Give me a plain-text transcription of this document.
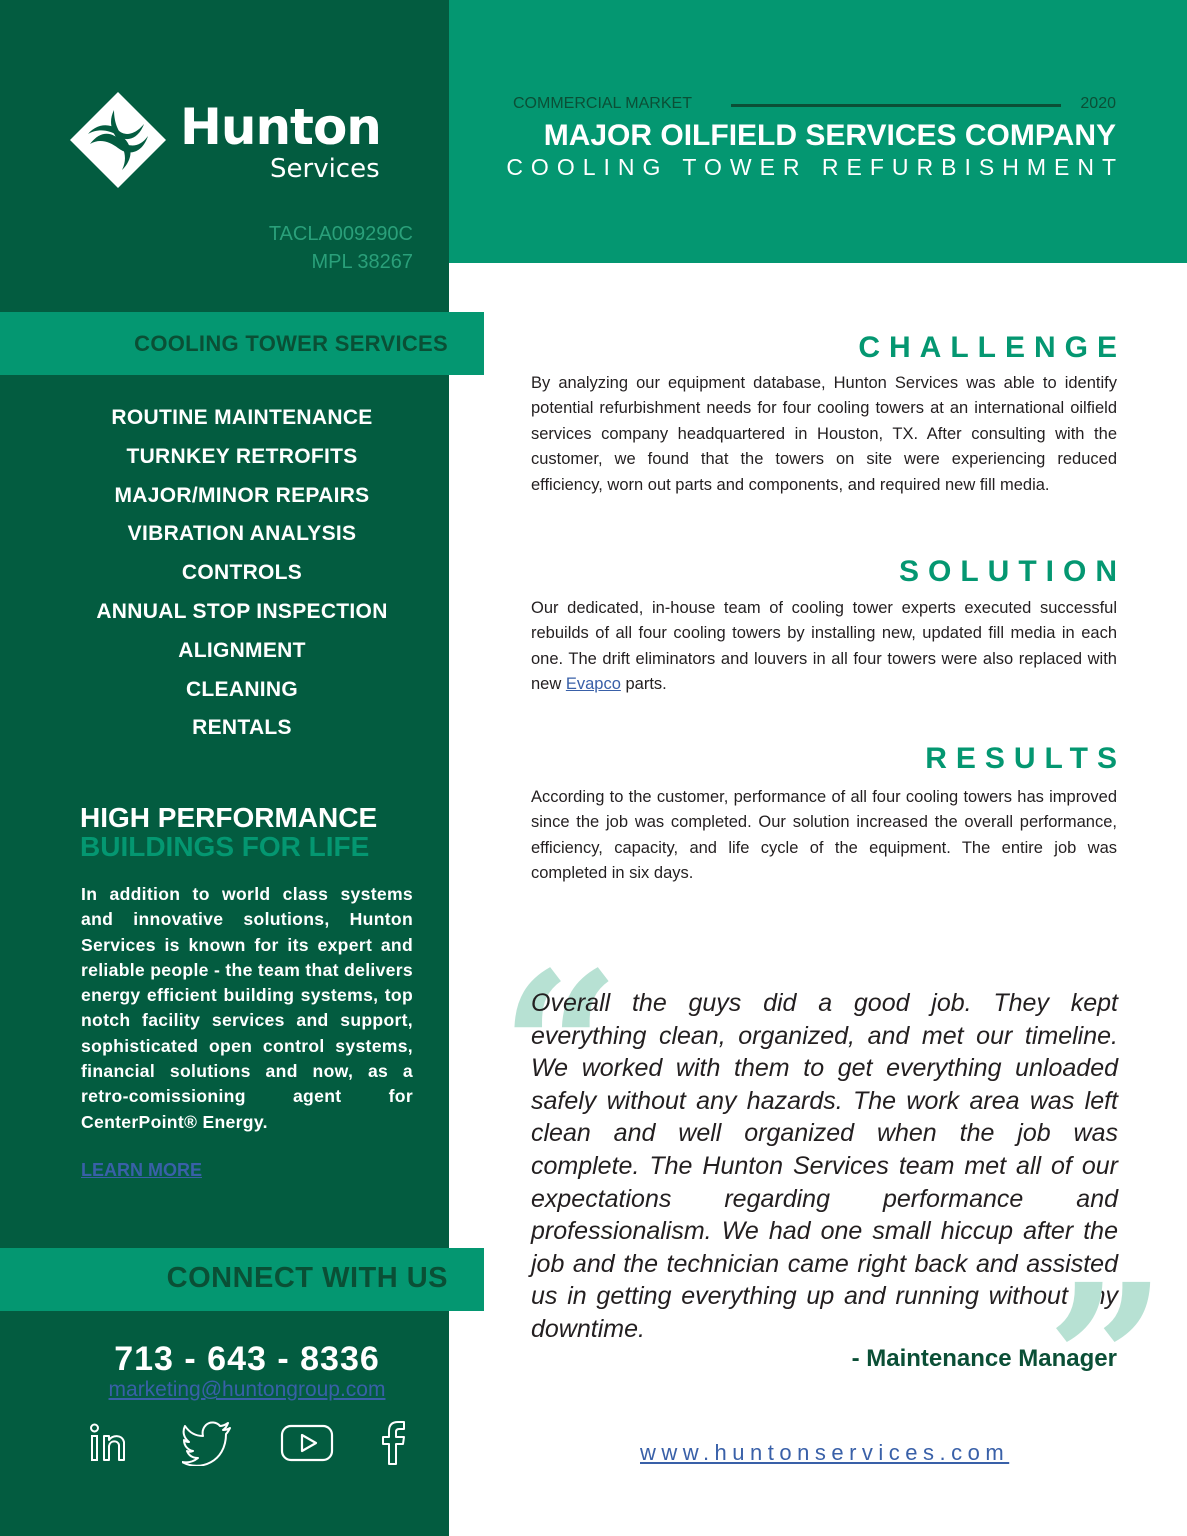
Hunton
Services
TACLA009290C
MPL 38267
COOLING TOWER SERVICES
ROUTINE MAINTENANCE
TURNKEY RETROFITS
MAJOR/MINOR REPAIRS
VIBRATION ANALYSIS
CONTROLS
ANNUAL STOP INSPECTION
ALIGNMENT
CLEANING
RENTALS
HIGH PERFORMANCE
BUILDINGS FOR LIFE

In addition to world class systems and innovative solutions, Hunton Services is known for its expert and reliable people - the team that delivers energy efficient building systems, top notch facility services and support, sophisticated open control systems, financial solutions and now, as a retro-comissioning agent for CenterPoint® Energy.

LEARN MORE
CONNECT WITH US
713 - 643 - 8336
marketing@huntongroup.com
COMMERCIAL MARKET	2020
MAJOR OILFIELD SERVICES COMPANY
COOLING TOWER REFURBISHMENT
CHALLENGE

By analyzing our equipment database, Hunton Services was able to identify potential refurbishment needs for four cooling towers at an international oilfield services company headquartered in Houston, TX. After consulting with the customer, we found that the towers on site were experiencing reduced efficiency, worn out parts and components, and required new fill media.

SOLUTION

Our dedicated, in-house team of cooling tower experts executed successful rebuilds of all four cooling towers by installing new, updated fill media in each one. The drift eliminators and louvers in all four towers were also replaced with new Evapco parts.

RESULTS

According to the customer, performance of all four cooling towers has improved since the job was completed. Our solution increased the overall performance, efficiency, capacity, and life cycle of the equipment. The entire job was completed in six days.

“

Overall the guys did a good job. They kept everything clean, organized, and met our timeline. We worked with them to get everything unloaded safely without any hazards. The work area was left clean and well organized when the job was complete. The Hunton Services team met all of our expectations regarding performance and professionalism. We had one small hiccup after the job and the technician came right back and assisted us in getting everything up and running without any downtime.	”
- Maintenance Manager
www.huntonservices.com
